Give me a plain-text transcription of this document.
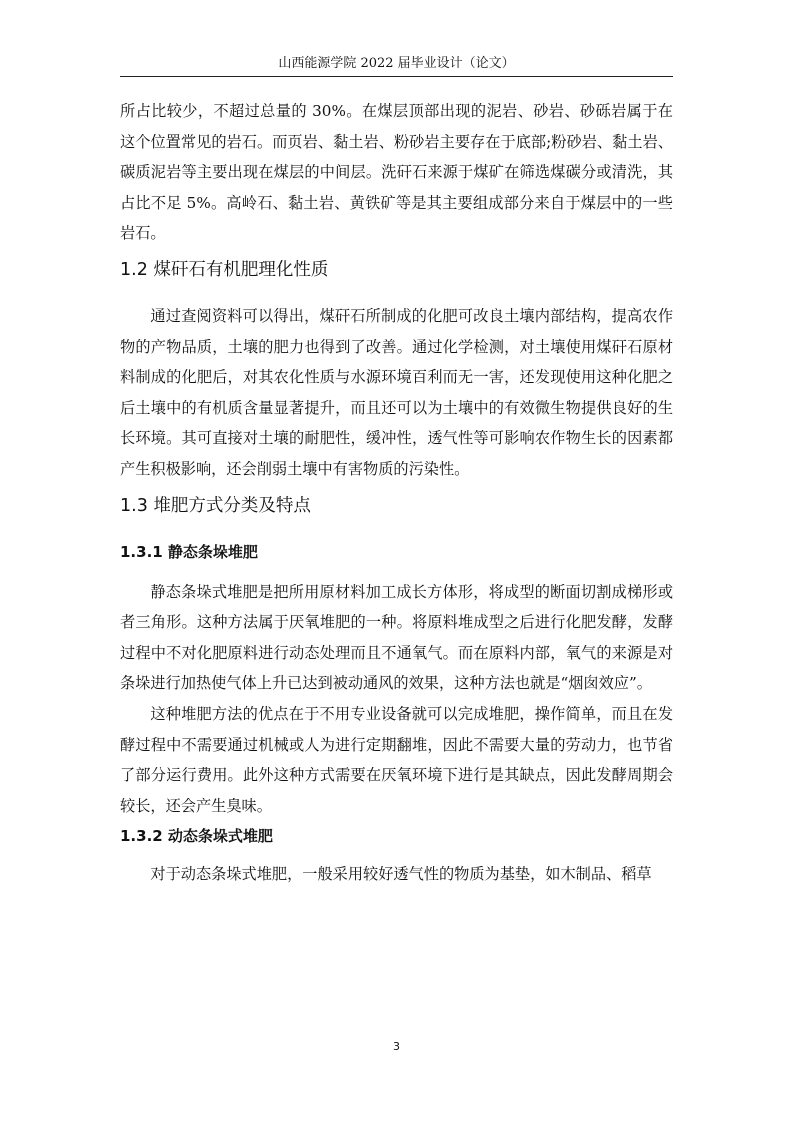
山西能源学院 2022 届毕业设计（论文）

所占比较少，不超过总量的 30%。在煤层顶部出现的泥岩、砂岩、砂砾岩属于在这个位置常见的岩石。而页岩、黏土岩、粉砂岩主要存在于底部;粉砂岩、黏土岩、碳质泥岩等主要出现在煤层的中间层。洗矸石来源于煤矿在筛选煤碳分或清洗，其占比不足 5%。高岭石、黏土岩、黄铁矿等是其主要组成部分来自于煤层中的一些岩石。

1.2 煤矸石有机肥理化性质

通过查阅资料可以得出，煤矸石所制成的化肥可改良土壤内部结构，提高农作物的产物品质，土壤的肥力也得到了改善。通过化学检测，对土壤使用煤矸石原材料制成的化肥后，对其农化性质与水源环境百利而无一害，还发现使用这种化肥之后土壤中的有机质含量显著提升，而且还可以为土壤中的有效微生物提供良好的生长环境。其可直接对土壤的耐肥性，缓冲性，透气性等可影响农作物生长的因素都产生积极影响，还会削弱土壤中有害物质的污染性。

1.3 堆肥方式分类及特点
1.3.1 静态条垛堆肥

静态条垛式堆肥是把所用原材料加工成长方体形，将成型的断面切割成梯形或者三角形。这种方法属于厌氧堆肥的一种。将原料堆成型之后进行化肥发酵，发酵过程中不对化肥原料进行动态处理而且不通氧气。而在原料内部，氧气的来源是对条垛进行加热使气体上升已达到被动通风的效果，这种方法也就是“烟囱效应”。

这种堆肥方法的优点在于不用专业设备就可以完成堆肥，操作简单，而且在发酵过程中不需要通过机械或人为进行定期翻堆，因此不需要大量的劳动力，也节省了部分运行费用。此外这种方式需要在厌氧环境下进行是其缺点，因此发酵周期会较长，还会产生臭味。

1.3.2 动态条垛式堆肥

对于动态条垛式堆肥，一般采用较好透气性的物质为基垫，如木制品、稻草

3
